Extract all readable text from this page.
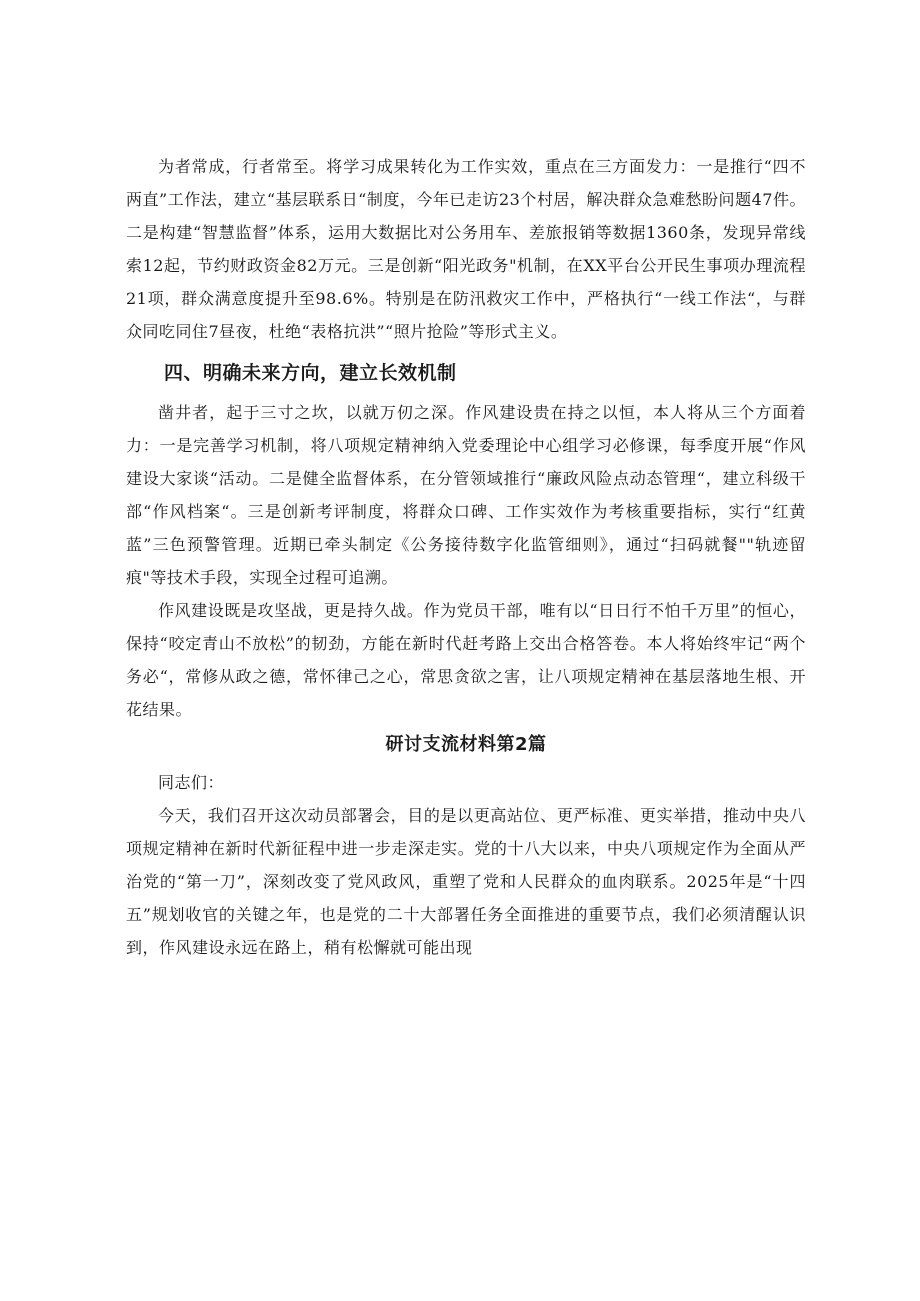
为者常成，行者常至。将学习成果转化为工作实效，重点在三方面发力：一是推行“四不两直”工作法，建立“基层联系日“制度，今年已走访23个村居，解决群众急难愁盼问题47件。二是构建“智慧监督”体系，运用大数据比对公务用车、差旅报销等数据1360条，发现异常线索12起，节约财政资金82万元。三是创新“阳光政务"机制，在XX平台公开民生事项办理流程21项，群众满意度提升至98.6%。特别是在防汛救灾工作中，严格执行“一线工作法“，与群众同吃同住7昼夜，杜绝“表格抗洪”“照片抢险”等形式主义。

四、明确未来方向，建立长效机制

凿井者，起于三寸之坎，以就万仞之深。作风建设贵在持之以恒，本人将从三个方面着力：一是完善学习机制，将八项规定精神纳入党委理论中心组学习必修课，每季度开展“作风建设大家谈“活动。二是健全监督体系，在分管领域推行“廉政风险点动态管理“，建立科级干部“作风档案“。三是创新考评制度，将群众口碑、工作实效作为考核重要指标，实行“红黄蓝”三色预警管理。近期已牵头制定《公务接待数字化监管细则》，通过“扫码就餐""轨迹留痕"等技术手段，实现全过程可追溯。

作风建设既是攻坚战，更是持久战。作为党员干部，唯有以“日日行不怕千万里”的恒心，保持“咬定青山不放松”的韧劲，方能在新时代赶考路上交出合格答卷。本人将始终牢记“两个务必“，常修从政之德，常怀律己之心，常思贪欲之害，让八项规定精神在基层落地生根、开花结果。

研讨支流材料第2篇

同志们：

今天，我们召开这次动员部署会，目的是以更高站位、更严标准、更实举措，推动中央八项规定精神在新时代新征程中进一步走深走实。党的十八大以来，中央八项规定作为全面从严治党的“第一刀”，深刻改变了党风政风，重塑了党和人民群众的血肉联系。2025年是“十四五”规划收官的关键之年，也是党的二十大部署任务全面推进的重要节点，我们必须清醒认识到，作风建设永远在路上，稍有松懈就可能出现
